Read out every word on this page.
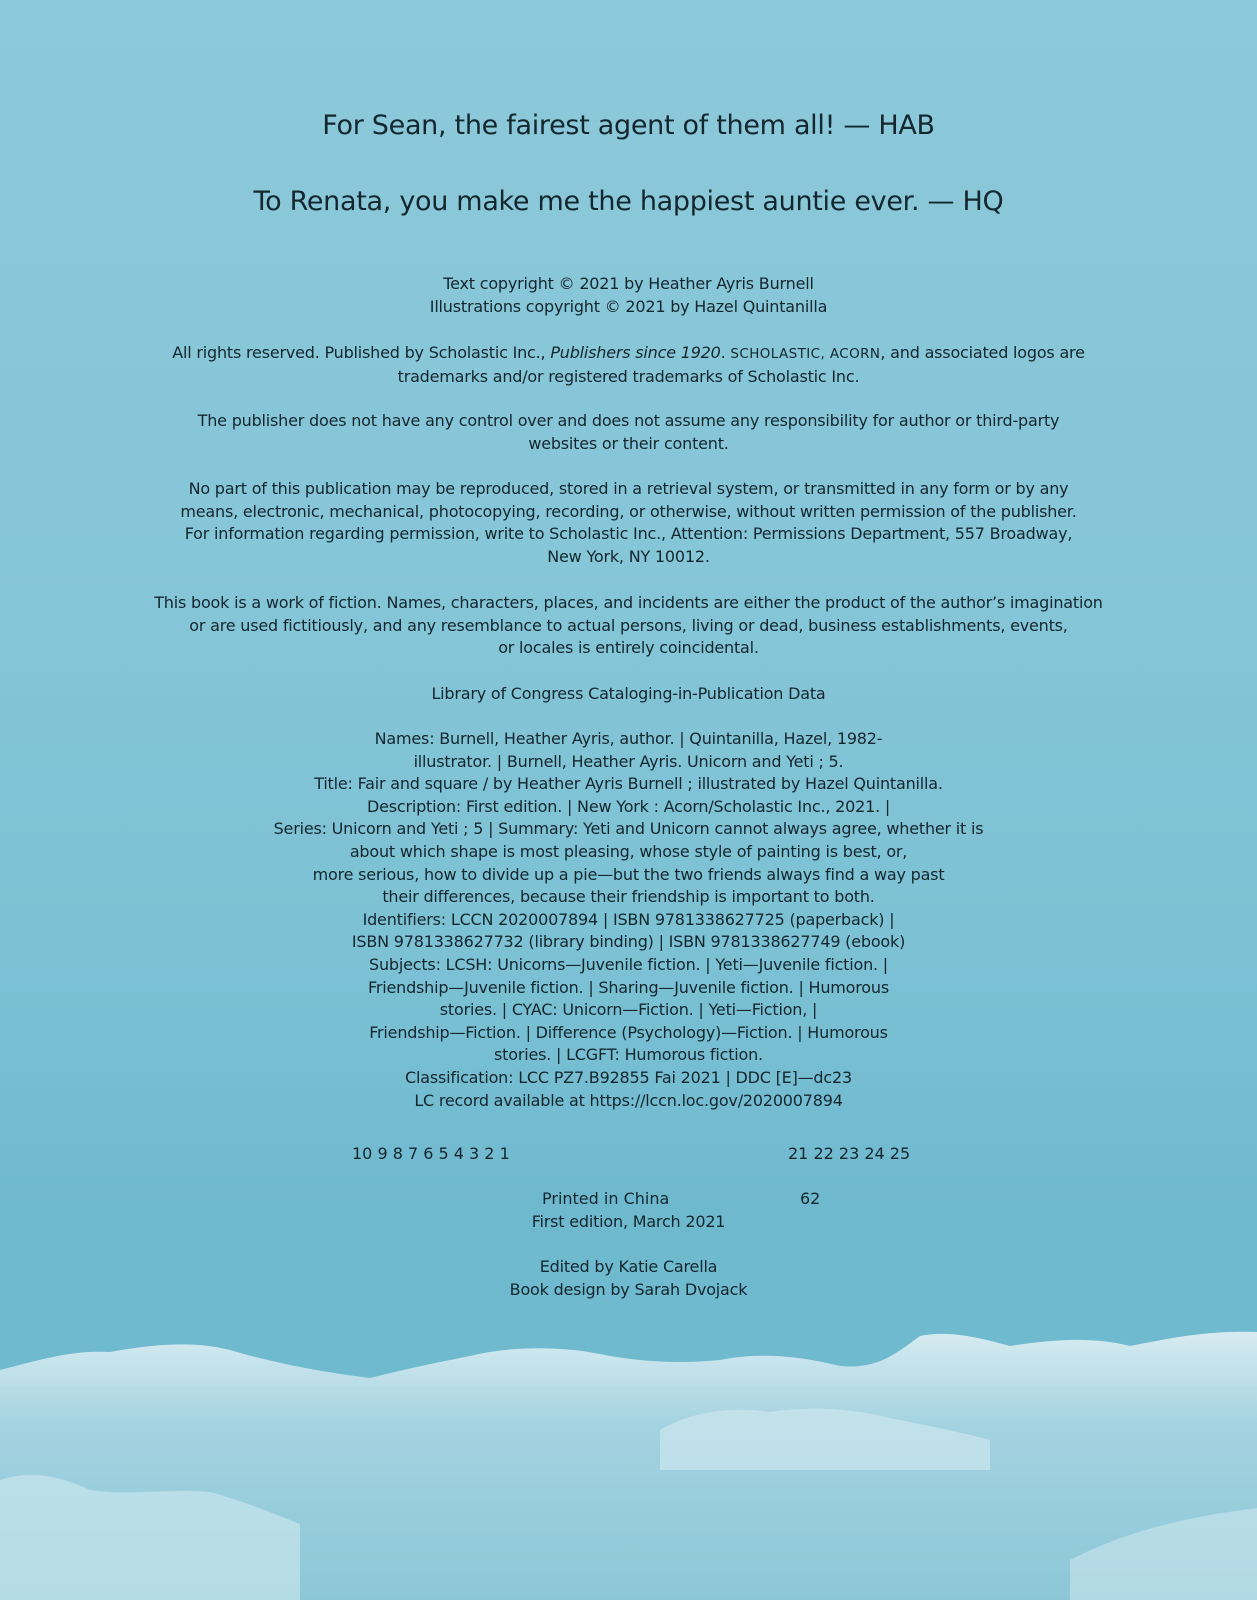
For Sean, the fairest agent of them all! — HAB
To Renata, you make me the happiest auntie ever. — HQ
Text copyright © 2021 by Heather Ayris Burnell
Illustrations copyright © 2021 by Hazel Quintanilla
All rights reserved. Published by Scholastic Inc., Publishers since 1920. SCHOLASTIC, ACORN, and associated logos are
trademarks and/or registered trademarks of Scholastic Inc.
The publisher does not have any control over and does not assume any responsibility for author or third-party
websites or their content.
No part of this publication may be reproduced, stored in a retrieval system, or transmitted in any form or by any
means, electronic, mechanical, photocopying, recording, or otherwise, without written permission of the publisher.
For information regarding permission, write to Scholastic Inc., Attention: Permissions Department, 557 Broadway,
New York, NY 10012.
This book is a work of fiction. Names, characters, places, and incidents are either the product of the author’s imagination
or are used fictitiously, and any resemblance to actual persons, living or dead, business establishments, events,
or locales is entirely coincidental.
Library of Congress Cataloging-in-Publication Data
Names: Burnell, Heather Ayris, author. | Quintanilla, Hazel, 1982-
illustrator. | Burnell, Heather Ayris. Unicorn and Yeti ; 5.
Title: Fair and square / by Heather Ayris Burnell ; illustrated by Hazel Quintanilla.
Description: First edition. | New York : Acorn/Scholastic Inc., 2021. |
Series: Unicorn and Yeti ; 5 | Summary: Yeti and Unicorn cannot always agree, whether it is
about which shape is most pleasing, whose style of painting is best, or,
more serious, how to divide up a pie—but the two friends always find a way past
their differences, because their friendship is important to both.
Identifiers: LCCN 2020007894 | ISBN 9781338627725 (paperback) |
ISBN 9781338627732 (library binding) | ISBN 9781338627749 (ebook)
Subjects: LCSH: Unicorns—Juvenile fiction. | Yeti—Juvenile fiction. |
Friendship—Juvenile fiction. | Sharing—Juvenile fiction. | Humorous
stories. | CYAC: Unicorn—Fiction. | Yeti—Fiction, |
Friendship—Fiction. | Difference (Psychology)—Fiction. | Humorous
stories. | LCGFT: Humorous fiction.
Classification: LCC PZ7.B92855 Fai 2021 | DDC [E]—dc23
LC record available at https://lccn.loc.gov/2020007894
10 9 8 7 6 5 4 3 2 1	21 22 23 24 25
Printed in China	62
First edition, March 2021
Edited by Katie Carella
Book design by Sarah Dvojack
